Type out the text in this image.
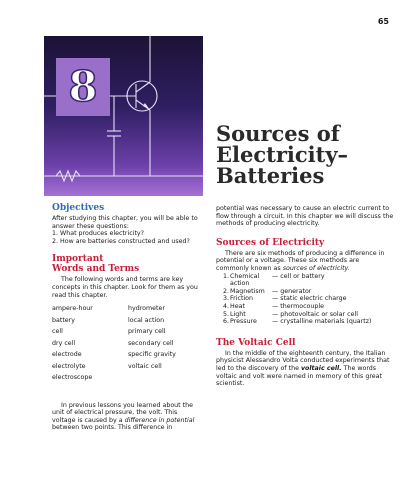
65
8
Sources of
Electricity–
Batteries
Objectives

After studying this chapter, you will be able to answer these questions:

1. What produces electricity?
2. How are batteries constructed and used?
Important
Words and Terms

The following words and terms are key concepts in this chapter. Look for them as you read this chapter.

ampere-hour	hydrometer
battery	local action
cell	primary cell
dry cell	secondary cell
electrode	specific gravity
electrolyte	voltaic cell
electroscope

In previous lessons you learned about the unit of electrical pressure, the volt. This voltage is caused by a difference in potential between two points. This difference in

potential was necessary to cause an electric current to flow through a circuit. In this chapter we will discuss the methods of producing electricity.

Sources of Electricity

There are six methods of producing a difference in potential or a voltage. These six methods are commonly known as sources of electricity.

1. Chemical action
— cell or battery
2. Magnetism	— generator
3. Friction	— static electric charge
4. Heat	— thermocouple
5. Light	— photovoltaic or solar cell
6. Pressure	— crystalline materials (quartz)
The Voltaic Cell

In the middle of the eighteenth century, the Italian physicist Alessandro Volta conducted experiments that led to the discovery of the voltaic cell. The words voltaic and volt were named in memory of this great scientist.
